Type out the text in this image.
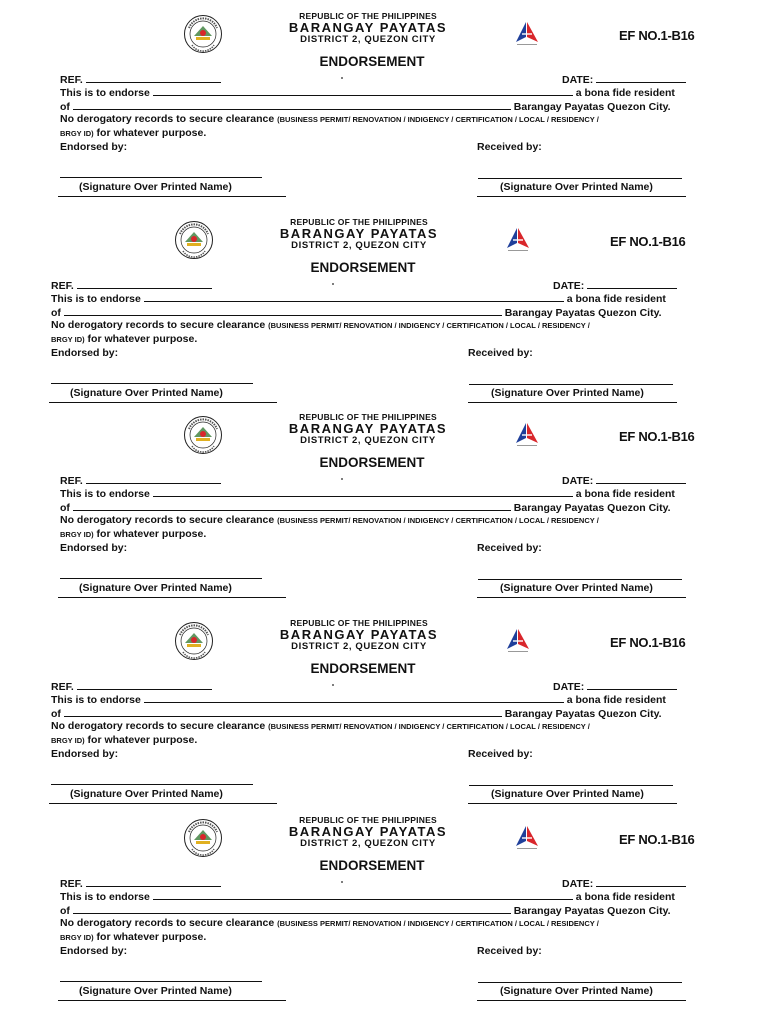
REPUBLIC OF THE PHILIPPINES
BARANGAY PAYATAS
DISTRICT 2, QUEZON CITY	EF NO.1-B16
ENDORSEMENT
REF.	DATE:
This is to endorse	a bona fide resident
of	Barangay Payatas Quezon City.
No derogatory records to secure clearance (BUSINESS PERMIT/ RENOVATION / INDIGENCY / CERTIFICATION / LOCAL / RESIDENCY /
BRGY ID) for whatever purpose.
Endorsed by:	Received by:
(Signature Over Printed Name)	(Signature Over Printed Name)
REPUBLIC OF THE PHILIPPINES
BARANGAY PAYATAS
DISTRICT 2, QUEZON CITY	EF NO.1-B16
ENDORSEMENT
REF.	DATE:
This is to endorse	a bona fide resident
of	Barangay Payatas Quezon City.
No derogatory records to secure clearance (BUSINESS PERMIT/ RENOVATION / INDIGENCY / CERTIFICATION / LOCAL / RESIDENCY /
BRGY ID) for whatever purpose.
Endorsed by:	Received by:
(Signature Over Printed Name)	(Signature Over Printed Name)
REPUBLIC OF THE PHILIPPINES
BARANGAY PAYATAS
DISTRICT 2, QUEZON CITY	EF NO.1-B16
ENDORSEMENT
REF.	DATE:
This is to endorse	a bona fide resident
of	Barangay Payatas Quezon City.
No derogatory records to secure clearance (BUSINESS PERMIT/ RENOVATION / INDIGENCY / CERTIFICATION / LOCAL / RESIDENCY /
BRGY ID) for whatever purpose.
Endorsed by:	Received by:
(Signature Over Printed Name)	(Signature Over Printed Name)
REPUBLIC OF THE PHILIPPINES
BARANGAY PAYATAS
DISTRICT 2, QUEZON CITY	EF NO.1-B16
ENDORSEMENT
REF.	DATE:
This is to endorse	a bona fide resident
of	Barangay Payatas Quezon City.
No derogatory records to secure clearance (BUSINESS PERMIT/ RENOVATION / INDIGENCY / CERTIFICATION / LOCAL / RESIDENCY /
BRGY ID) for whatever purpose.
Endorsed by:	Received by:
(Signature Over Printed Name)	(Signature Over Printed Name)
REPUBLIC OF THE PHILIPPINES
BARANGAY PAYATAS
DISTRICT 2, QUEZON CITY	EF NO.1-B16
ENDORSEMENT
REF.	DATE:
This is to endorse	a bona fide resident
of	Barangay Payatas Quezon City.
No derogatory records to secure clearance (BUSINESS PERMIT/ RENOVATION / INDIGENCY / CERTIFICATION / LOCAL / RESIDENCY /
BRGY ID) for whatever purpose.
Endorsed by:	Received by:
(Signature Over Printed Name)	(Signature Over Printed Name)
